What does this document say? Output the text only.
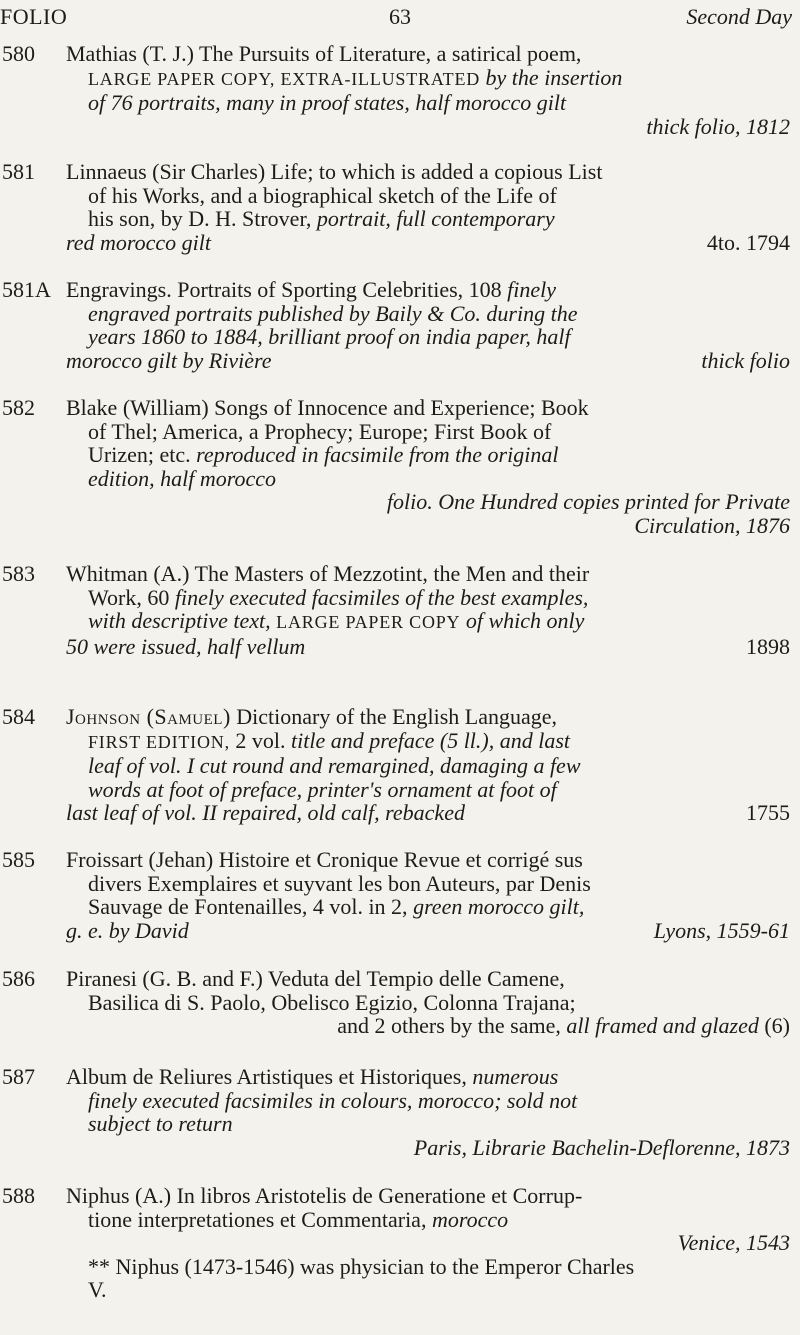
FOLIO	63	Second Day
580	Mathias (T. J.) The Pursuits of Literature, a satirical poem,
LARGE PAPER COPY, EXTRA-ILLUSTRATED by the insertion
of 76 portraits, many in proof states, half morocco gilt
thick folio, 1812
581	Linnaeus (Sir Charles) Life; to which is added a copious List
of his Works, and a biographical sketch of the Life of
his son, by D. H. Strover, portrait, full contemporary
red morocco gilt	4to. 1794
581A Engravings. Portraits of Sporting Celebrities, 108 finely
engraved portraits published by Baily & Co. during the
years 1860 to 1884, brilliant proof on india paper, half
morocco gilt by Rivière	thick folio
582	Blake (William) Songs of Innocence and Experience; Book
of Thel; America, a Prophecy; Europe; First Book of
Urizen; etc. reproduced in facsimile from the original
edition, half morocco
folio. One Hundred copies printed for Private
Circulation, 1876
583	Whitman (A.) The Masters of Mezzotint, the Men and their
Work, 60 finely executed facsimiles of the best examples,
with descriptive text, LARGE PAPER COPY of which only
50 were issued, half vellum	1898
584	Johnson (Samuel) Dictionary of the English Language,
FIRST EDITION, 2 vol. title and preface (5 ll.), and last
leaf of vol. I cut round and remargined, damaging a few
words at foot of preface, printer's ornament at foot of
last leaf of vol. II repaired, old calf, rebacked	1755
585	Froissart (Jehan) Histoire et Cronique Revue et corrigé sus
divers Exemplaires et suyvant les bon Auteurs, par Denis
Sauvage de Fontenailles, 4 vol. in 2, green morocco gilt,
g. e. by David	Lyons, 1559-61
586	Piranesi (G. B. and F.) Veduta del Tempio delle Camene,
Basilica di S. Paolo, Obelisco Egizio, Colonna Trajana;
and 2 others by the same, all framed and glazed (6)
587	Album de Reliures Artistiques et Historiques, numerous
finely executed facsimiles in colours, morocco; sold not
subject to return
Paris, Librarie Bachelin-Deflorenne, 1873
588	Niphus (A.) In libros Aristotelis de Generatione et Corrup-
tione interpretationes et Commentaria, morocco
Venice, 1543
** Niphus (1473-1546) was physician to the Emperor Charles
V.
